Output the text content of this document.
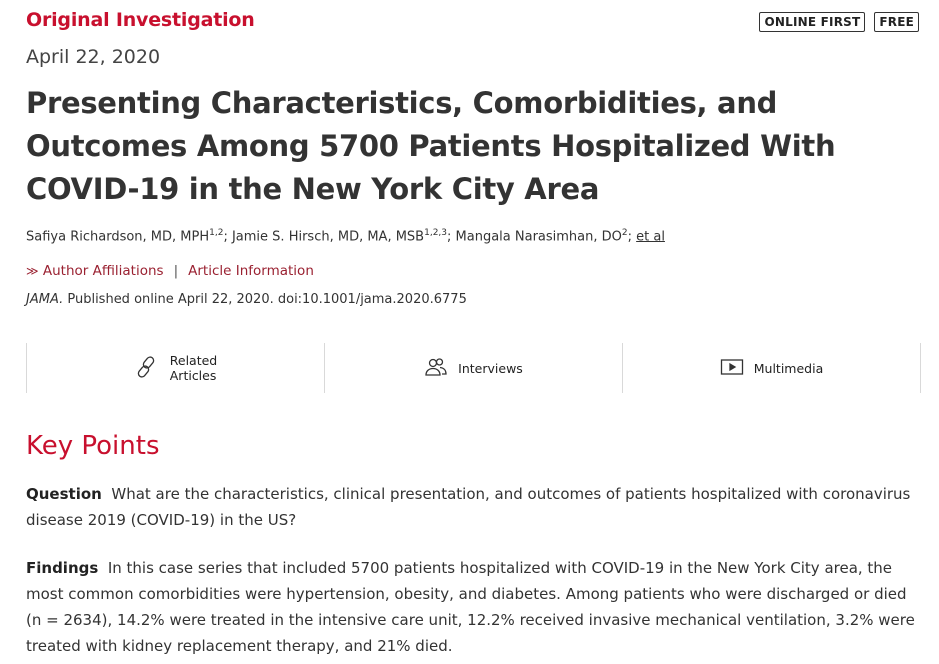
Original Investigation	ONLINE FIRST	FREE
April 22, 2020
Presenting Characteristics, Comorbidities, and Outcomes Among 5700 Patients Hospitalized With COVID-19 in the New York City Area
Safiya Richardson, MD, MPH$^{1,2}$; Jamie S. Hirsch, MD, MA, MSB$^{1,2,3}$; Mangala Narasimhan, $DO^2$; et al
≫ Author Affiliations | Article Information
JAMA. Published online April 22, 2020. doi:10.1001/jama.2020.6775
Related
Articles	Interviews	Multimedia
Key Points

Question What are the characteristics, clinical presentation, and outcomes of patients hospitalized with coronavirus disease 2019 (COVID-19) in the US?

Findings In this case series that included 5700 patients hospitalized with COVID-19 in the New York City area, the most common comorbidities were hypertension, obesity, and diabetes. Among patients who were discharged or died (n = 2634), 14.2% were treated in the intensive care unit, 12.2% received invasive mechanical ventilation, 3.2% were treated with kidney replacement therapy, and 21% died.
